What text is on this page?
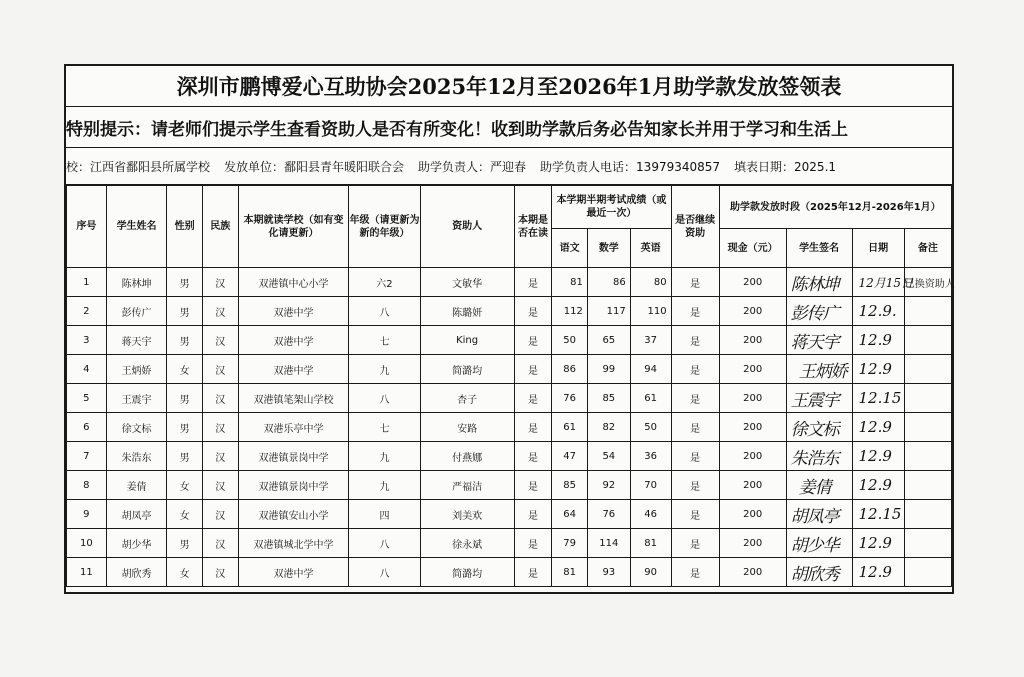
深圳市鹏博爱心互助协会2025年12月至2026年1月助学款发放签领表
特别提示：请老师们提示学生查看资助人是否有所变化！收到助学款后务必告知家长并用于学习和生活上
校：江西省鄱阳县所属学校 发放单位：鄱阳县青年暖阳联合会 助学负责人：严迎春 助学负责人电话：13979340857 填表日期：2025.1
序号	学生姓名	性别	民族	本期就读学校（如有变化请更新）	年级（请更新为新的年级）	资助人	本期是否在读	本学期半期考试成绩（或最近一次）			是否继续资助	助学款发放时段（2025年12月-2026年1月）			
								语文	数学	英语		现金（元）	学生签名	日期	备注
1	陈林坤	男	汉	双港镇中心小学	六2	文敏华	是	81	86	80	是	200	陈林坤	12月15日	已换资助人
2	彭传广	男	汉	双港中学	八	陈璐妍	是	112	117	110	是	200	彭传广	12.9.	
3	蒋天宇	男	汉	双港中学	七	King	是	50	65	37	是	200	蒋天宇	12.9	
4	王炳娇	女	汉	双港中学	九	简潞均	是	86	99	94	是	200	王炳娇	12.9	
5	王震宇	男	汉	双港镇笔架山学校	八	杏子	是	76	85	61	是	200	王震宇	12.15	
6	徐文标	男	汉	双港乐亭中学	七	安路	是	61	82	50	是	200	徐文标	12.9	
7	朱浩东	男	汉	双港镇景岗中学	九	付燕娜	是	47	54	36	是	200	朱浩东	12.9	
8	姜倩	女	汉	双港镇景岗中学	九	严福洁	是	85	92	70	是	200	姜倩	12.9	
9	胡凤亭	女	汉	双港镇安山小学	四	刘美欢	是	64	76	46	是	200	胡凤亭	12.15	
10	胡少华	男	汉	双港镇城北学中学	八	徐永斌	是	79	114	81	是	200	胡少华	12.9	
11	胡欣秀	女	汉	双港中学	八	简潞均	是	81	93	90	是	200	胡欣秀	12.9	
